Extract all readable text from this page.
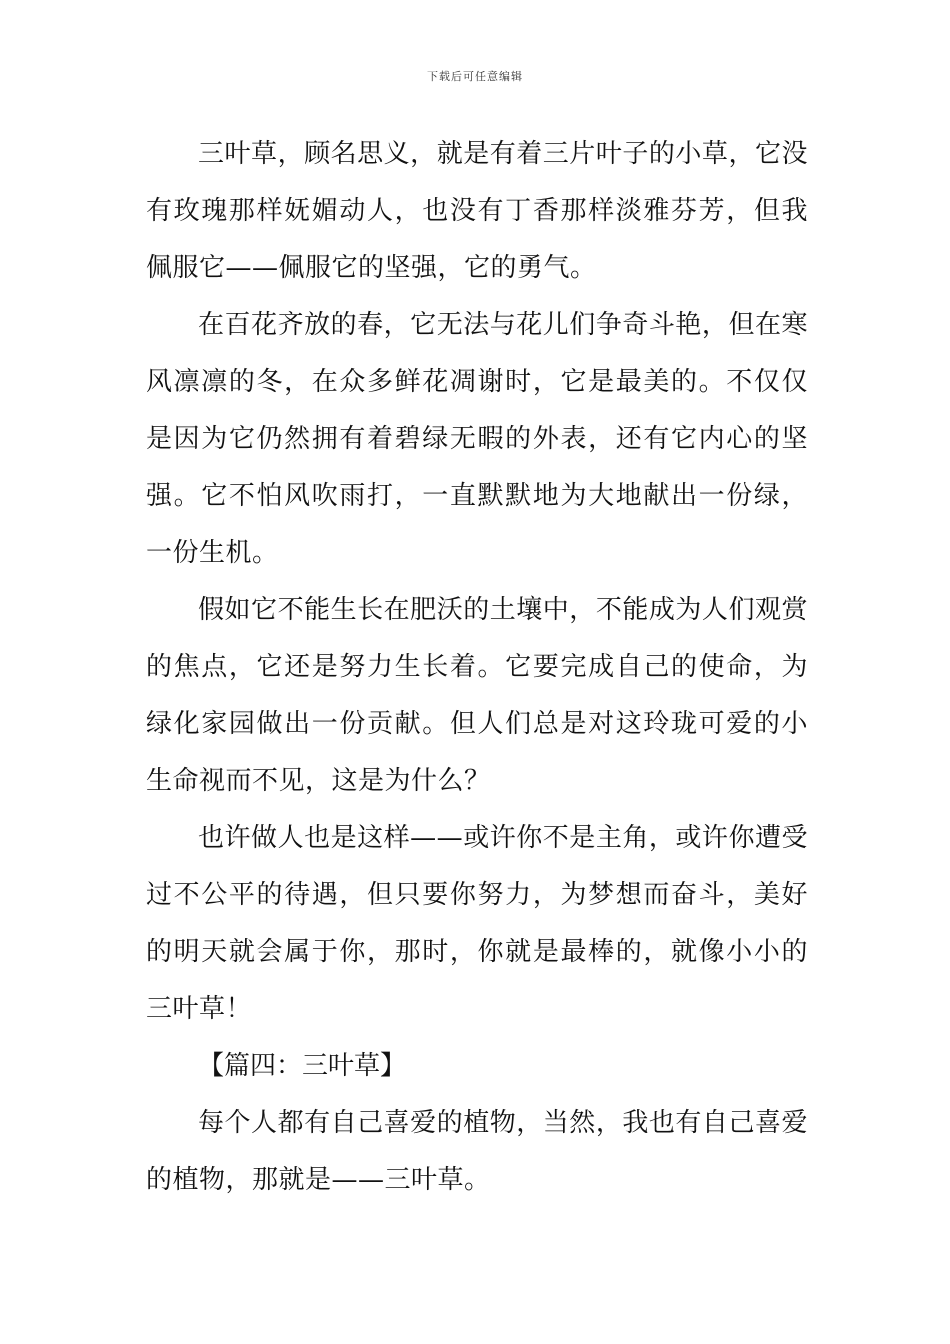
下载后可任意编辑

三叶草，顾名思义，就是有着三片叶子的小草，它没有玫瑰那样妩媚动人，也没有丁香那样淡雅芬芳，但我佩服它——佩服它的坚强，它的勇气。

在百花齐放的春，它无法与花儿们争奇斗艳，但在寒风凛凛的冬，在众多鲜花凋谢时，它是最美的。不仅仅是因为它仍然拥有着碧绿无暇的外表，还有它内心的坚强。它不怕风吹雨打，一直默默地为大地献出一份绿，一份生机。

假如它不能生长在肥沃的土壤中，不能成为人们观赏的焦点，它还是努力生长着。它要完成自己的使命，为绿化家园做出一份贡献。但人们总是对这玲珑可爱的小生命视而不见，这是为什么？

也许做人也是这样——或许你不是主角，或许你遭受过不公平的待遇，但只要你努力，为梦想而奋斗，美好的明天就会属于你，那时，你就是最棒的，就像小小的三叶草！

【篇四：三叶草】

每个人都有自己喜爱的植物，当然，我也有自己喜爱的植物，那就是——三叶草。
